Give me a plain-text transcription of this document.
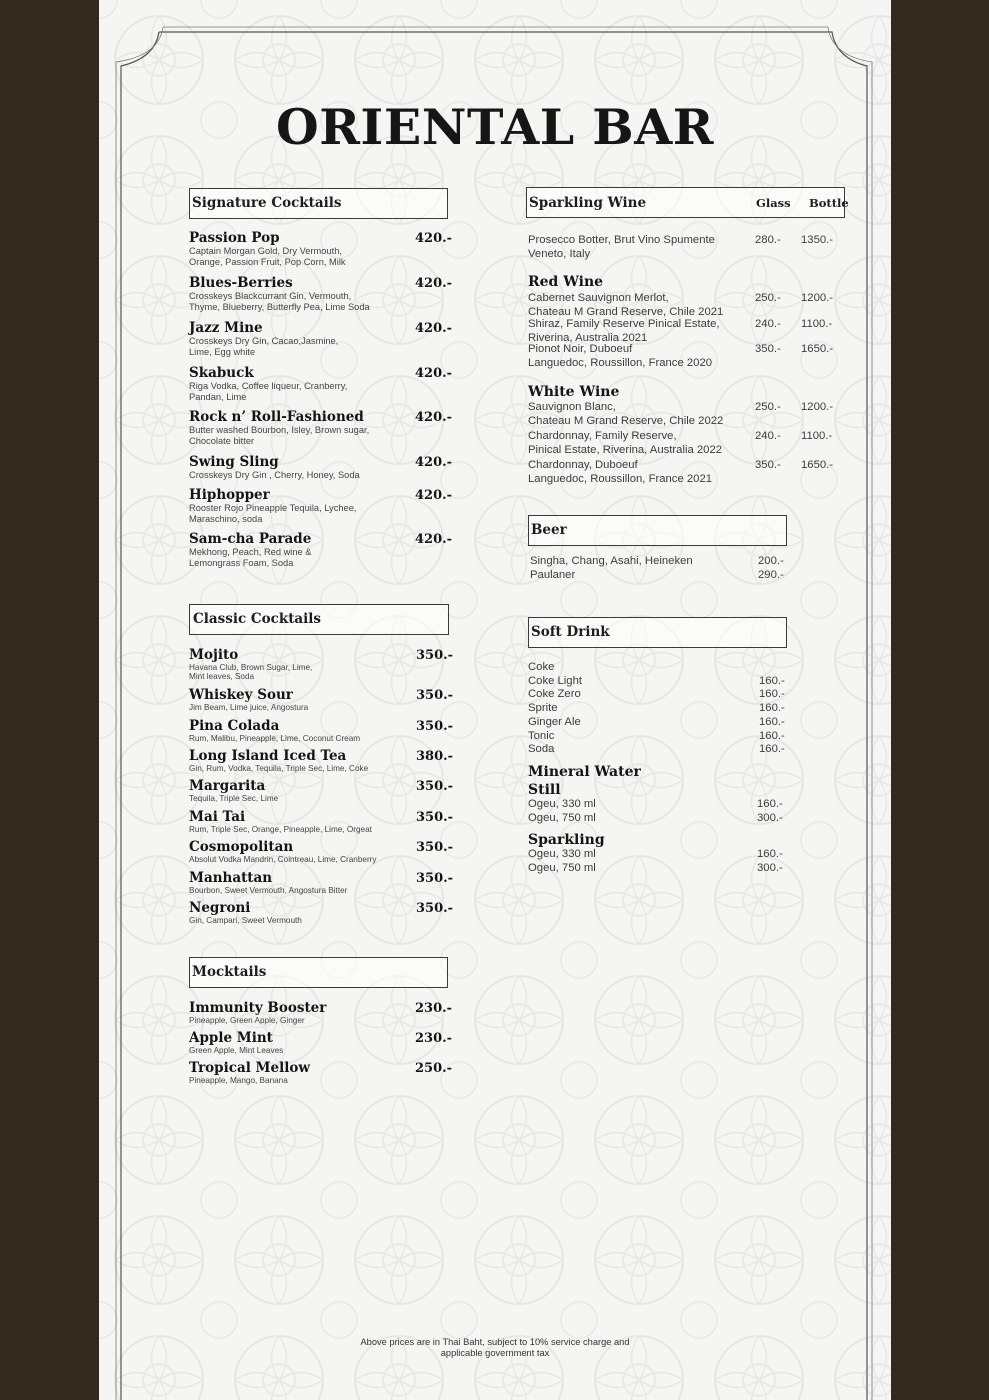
ORIENTAL BAR
Signature Cocktails
Passion Pop
Captain Morgan Gold, Dry Vermouth,
Orange, Passion Fruit, Pop Corn, Milk
420.-
Blues-Berries
Crosskeys Blackcurrant Gin, Vermouth,
Thyme, Blueberry, Butterfly Pea, Lime Soda
420.-
Jazz Mine
Crosskeys Dry Gin, Cacao,Jasmine,
Lime, Egg white
420.-
Skabuck
Riga Vodka, Coffee liqueur, Cranberry,
Pandan, Lime
420.-
Rock n’ Roll-Fashioned
Butter washed Bourbon, Isley, Brown sugar,
Chocolate bitter
420.-
Swing Sling
Crosskeys Dry Gin , Cherry, Honey, Soda
420.-
Hiphopper
Rooster Rojo Pineapple Tequila, Lychee,
Maraschino, soda
420.-
Sam-cha Parade
Mekhong, Peach, Red wine &
Lemongrass Foam, Soda
420.-
Classic Cocktails
Mojito
Havana Club, Brown Sugar, Lime,
Mint leaves, Soda
350.-
Whiskey Sour
Jim Beam, Lime juice, Angostura
350.-
Pina Colada
Rum, Malibu, Pineapple, Lime, Coconut Cream
350.-
Long Island Iced Tea
Gin, Rum, Vodka, Tequila, Triple Sec, Lime, Coke
380.-
Margarita
Tequila, Triple Sec, Lime
350.-
Mai Tai
Rum, Triple Sec, Orange, Pineapple, Lime, Orgeat
350.-
Cosmopolitan
Absolut Vodka Mandrin, Cointreau, Lime, Cranberry
350.-
Manhattan
Bourbon, Sweet Vermouth, Angostura Bitter
350.-
Negroni
Gin, Campari, Sweet Vermouth
350.-
Mocktails
Immunity Booster
Pineapple, Green Apple, Ginger
230.-
Apple Mint
Green Apple, Mint Leaves
230.-
Tropical Mellow
Pineapple, Mango, Banana
250.-
Sparkling Wine	Glass Bottle
Red Wine
White Wine
Prosecco Botter, Brut Vino Spumente
Veneto, Italy
280.- 1350.-
Cabernet Sauvignon Merlot,
Chateau M Grand Reserve, Chile 2021
250.- 1200.-
Shiraz, Family Reserve Pinical Estate,
Riverina, Australia 2021
240.- 1100.-
Pionot Noir, Duboeuf
Languedoc, Roussillon, France 2020
350.- 1650.-
Sauvignon Blanc,
Chateau M Grand Reserve, Chile 2022
250.- 1200.-
Chardonnay, Family Reserve,
Pinical Estate, Riverina, Australia 2022
240.- 1100.-
Chardonnay, Duboeuf
Languedoc, Roussillon, France 2021
350.- 1650.-
Beer
Singha, Chang, Asahi, Heineken	200.-
Paulaner	290.-
Soft Drink
Mineral Water
Still
Sparkling
Coke
Coke Light	160.-
Coke Zero	160.-
Sprite	160.-
Ginger Ale	160.-
Tonic	160.-
Soda	160.-
Ogeu, 330 ml	160.-
Ogeu, 750 ml	300.-
Ogeu, 330 ml	160.-
Ogeu, 750 ml	300.-
Above prices are in Thai Baht, subject to 10% service charge and
applicable government tax
